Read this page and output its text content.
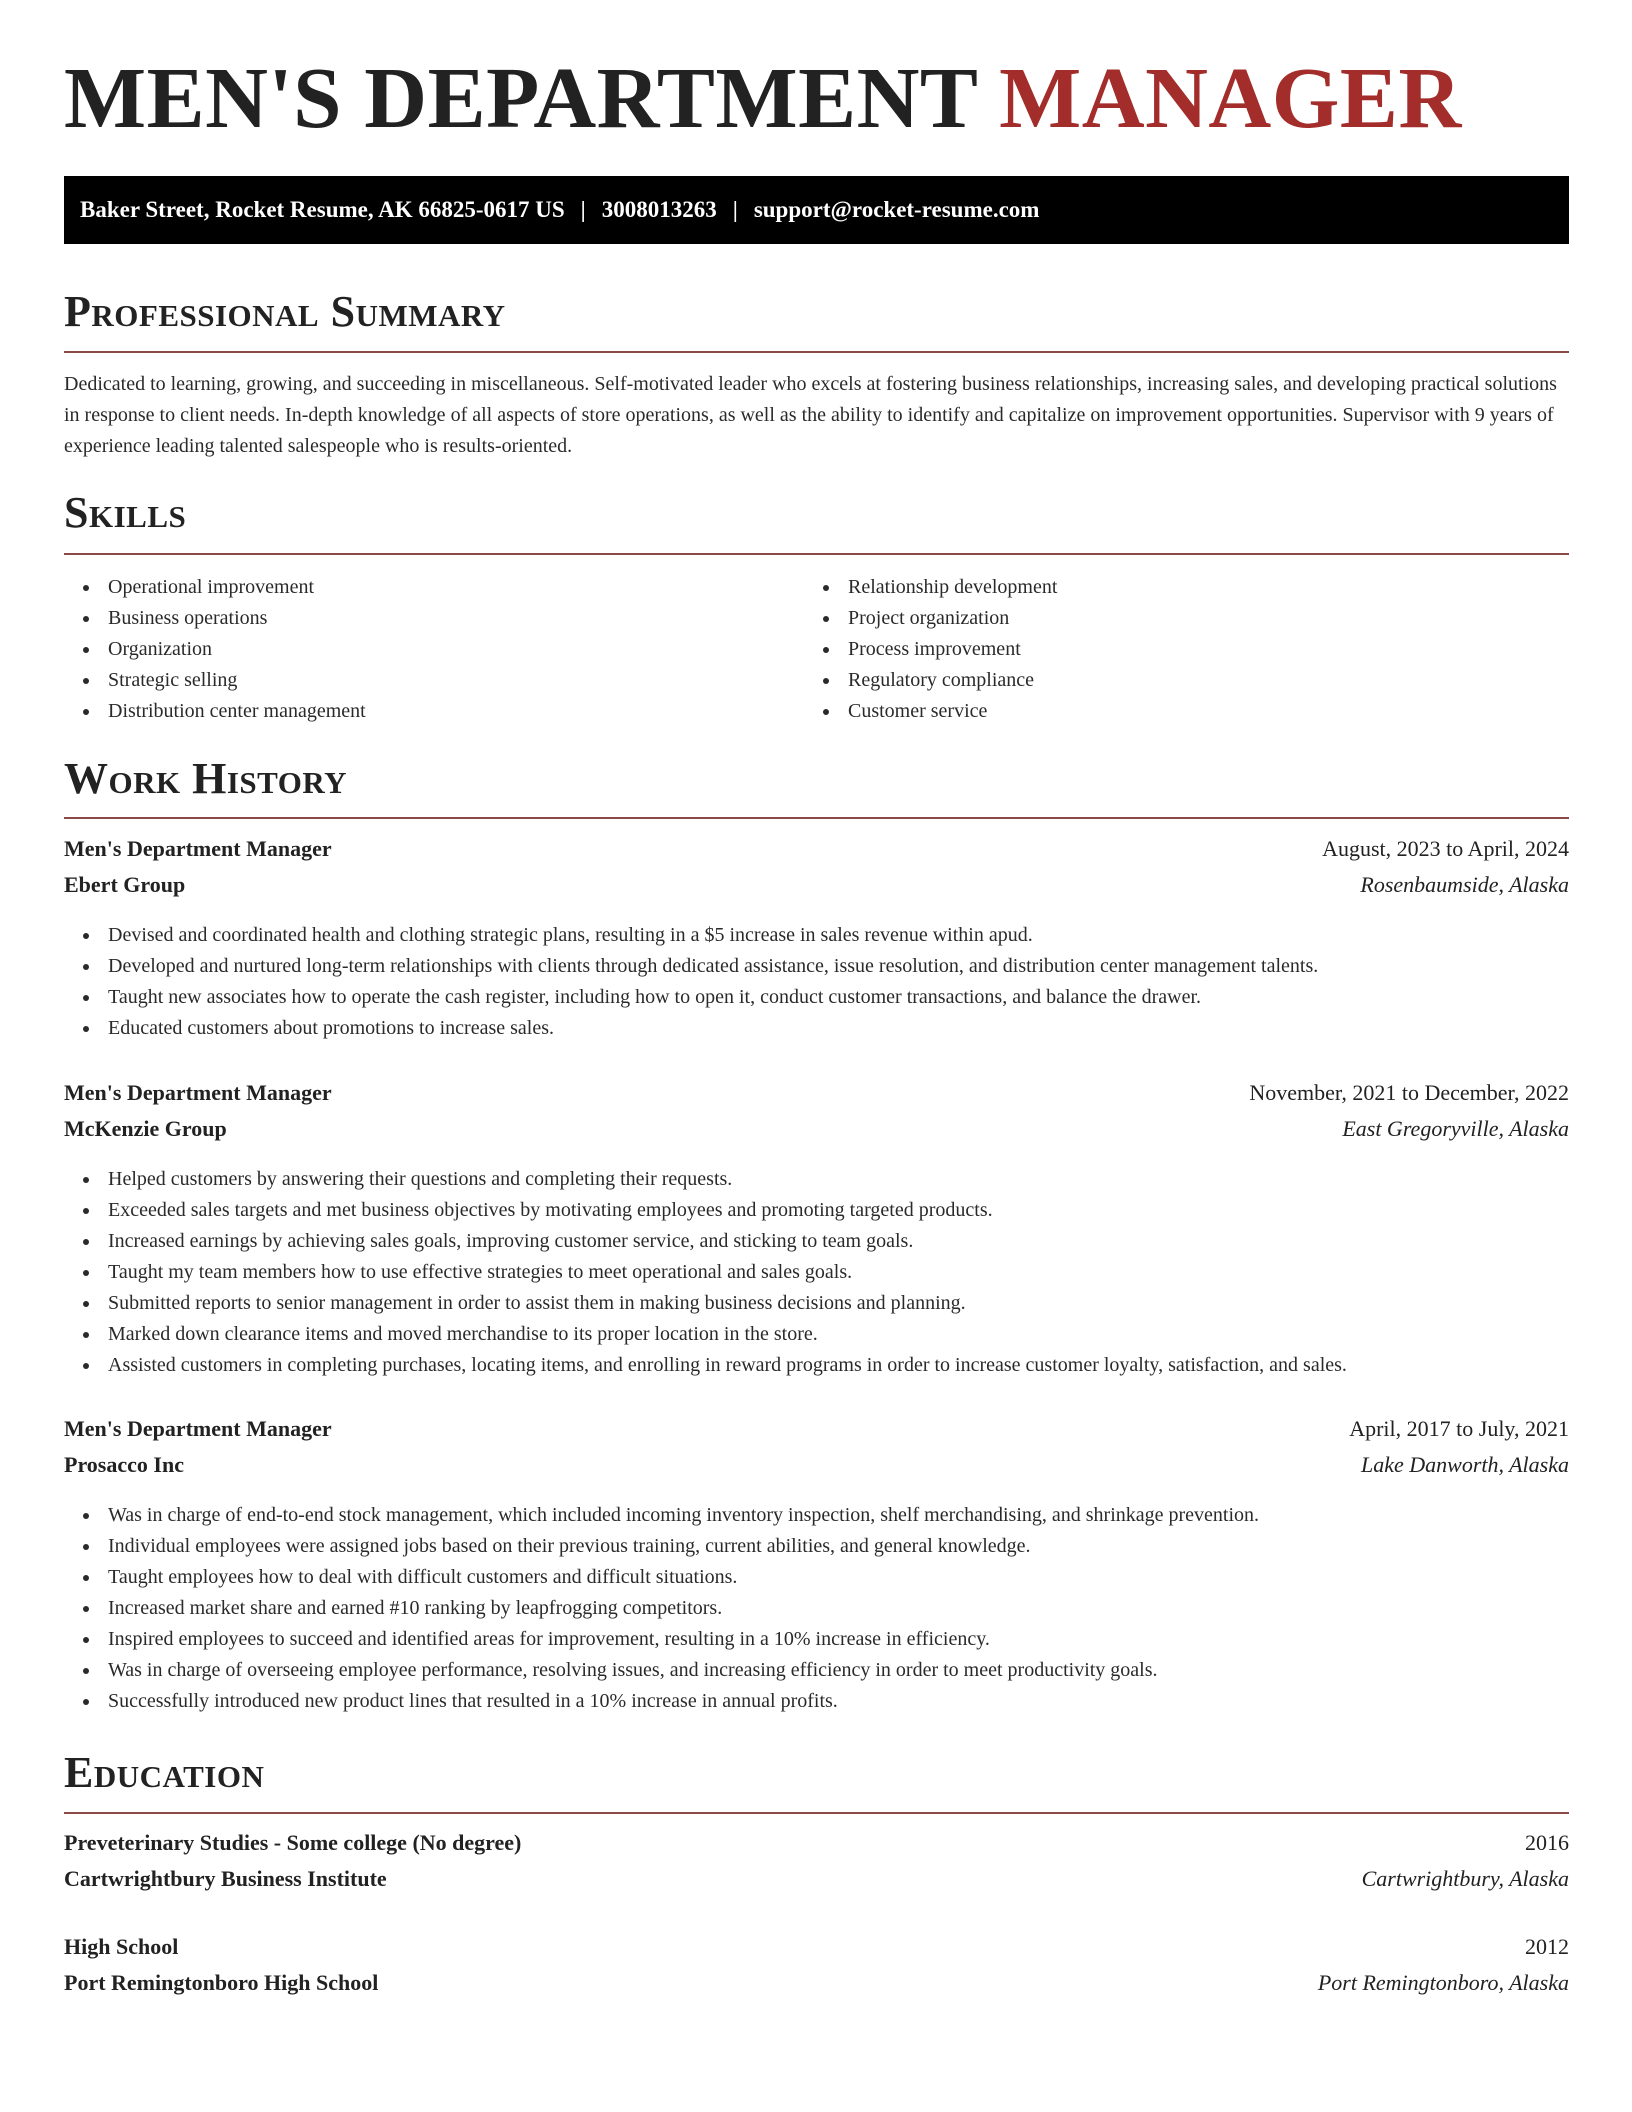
MEN'S DEPARTMENT MANAGER
Baker Street, Rocket Resume, AK 66825-0617 US | 3008013263 | support@rocket-resume.com
Professional Summary

Dedicated to learning, growing, and succeeding in miscellaneous. Self-motivated leader who excels at fostering business relationships, increasing sales, and developing practical solutions in response to client needs. In-depth knowledge of all aspects of store operations, as well as the ability to identify and capitalize on improvement opportunities. Supervisor with 9 years of experience leading talented salespeople who is results-oriented.

Skills
Operational improvement
Business operations
Organization
Strategic selling
Distribution center management
Relationship development
Project organization
Process improvement
Regulatory compliance
Customer service
Work History
Men's Department Manager	August, 2023 to April, 2024
Ebert Group	Rosenbaumside, Alaska
Devised and coordinated health and clothing strategic plans, resulting in a $5 increase in sales revenue within apud.
Developed and nurtured long-term relationships with clients through dedicated assistance, issue resolution, and distribution center management talents.
Taught new associates how to operate the cash register, including how to open it, conduct customer transactions, and balance the drawer.
Educated customers about promotions to increase sales.
Men's Department Manager	November, 2021 to December, 2022
McKenzie Group	East Gregoryville, Alaska
Helped customers by answering their questions and completing their requests.
Exceeded sales targets and met business objectives by motivating employees and promoting targeted products.
Increased earnings by achieving sales goals, improving customer service, and sticking to team goals.
Taught my team members how to use effective strategies to meet operational and sales goals.
Submitted reports to senior management in order to assist them in making business decisions and planning.
Marked down clearance items and moved merchandise to its proper location in the store.
Assisted customers in completing purchases, locating items, and enrolling in reward programs in order to increase customer loyalty, satisfaction, and sales.
Men's Department Manager	April, 2017 to July, 2021
Prosacco Inc	Lake Danworth, Alaska
Was in charge of end-to-end stock management, which included incoming inventory inspection, shelf merchandising, and shrinkage prevention.
Individual employees were assigned jobs based on their previous training, current abilities, and general knowledge.
Taught employees how to deal with difficult customers and difficult situations.
Increased market share and earned #10 ranking by leapfrogging competitors.
Inspired employees to succeed and identified areas for improvement, resulting in a 10% increase in efficiency.
Was in charge of overseeing employee performance, resolving issues, and increasing efficiency in order to meet productivity goals.
Successfully introduced new product lines that resulted in a 10% increase in annual profits.
Education
Preveterinary Studies - Some college (No degree)	2016
Cartwrightbury Business Institute	Cartwrightbury, Alaska
High School	2012
Port Remingtonboro High School	Port Remingtonboro, Alaska
